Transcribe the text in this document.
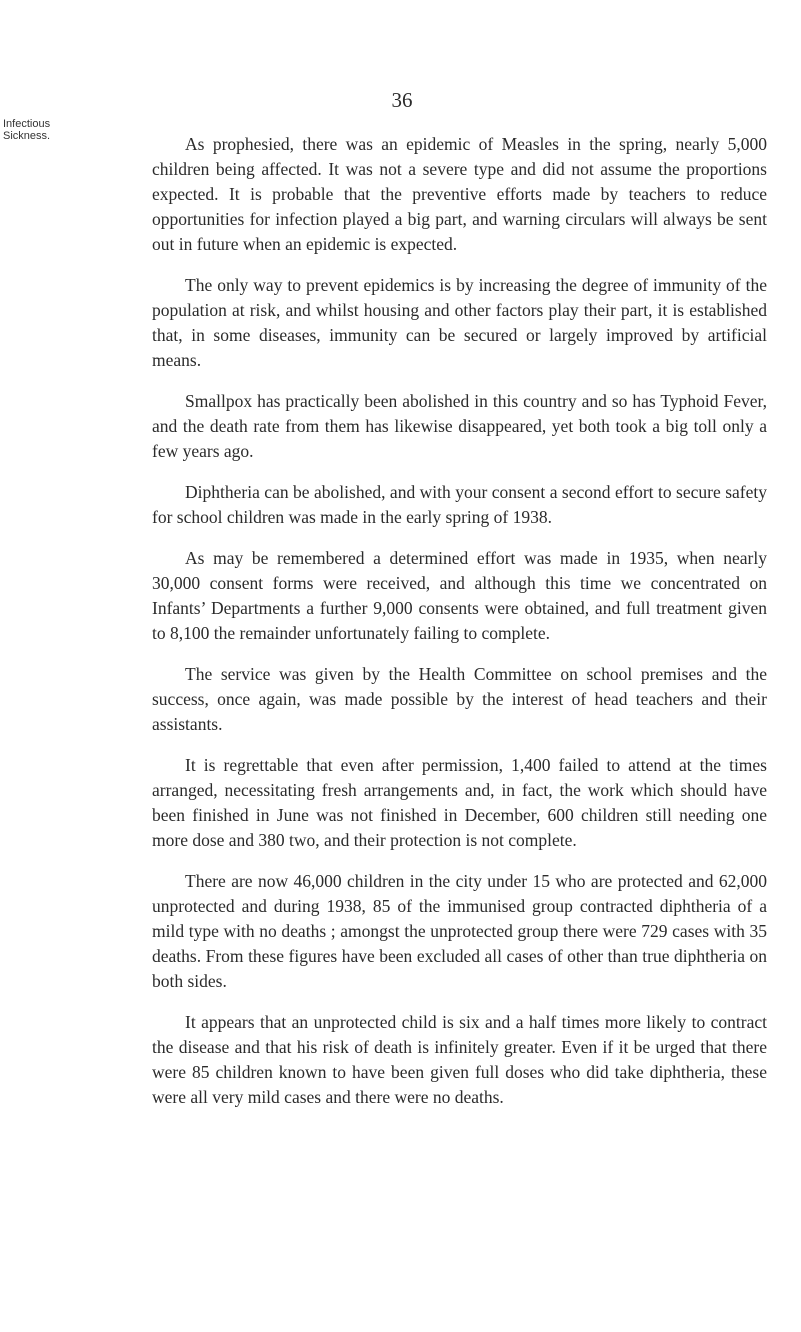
36
Infectious Sickness.	As prophesied, there was an epidemic of Measles in the spring, nearly 5,000 children being affected. It was not a severe type and did not assume the proportions expected. It is probable that the preventive efforts made by teachers to reduce opportunities for infection played a big part, and warning circulars will always be sent out in future when an epidemic is expected.

The only way to prevent epidemics is by increasing the degree of immunity of the population at risk, and whilst housing and other factors play their part, it is established that, in some diseases, immunity can be secured or largely improved by artificial means.

Smallpox has practically been abolished in this country and so has Typhoid Fever, and the death rate from them has likewise disappeared, yet both took a big toll only a few years ago.

Diphtheria can be abolished, and with your consent a second effort to secure safety for school children was made in the early spring of 1938.

As may be remembered a determined effort was made in 1935, when nearly 30,000 consent forms were received, and although this time we concentrated on Infants’ Departments a further 9,000 consents were obtained, and full treatment given to 8,100 the remainder unfortunately failing to complete.

The service was given by the Health Committee on school premises and the success, once again, was made possible by the interest of head teachers and their assistants.

It is regrettable that even after permission, 1,400 failed to attend at the times arranged, necessitating fresh arrangements and, in fact, the work which should have been finished in June was not finished in December, 600 children still needing one more dose and 380 two, and their protection is not complete.

There are now 46,000 children in the city under 15 who are protected and 62,000 unprotected and during 1938, 85 of the immunised group contracted diphtheria of a mild type with no deaths ; amongst the unprotected group there were 729 cases with 35 deaths. From these figures have been excluded all cases of other than true diphtheria on both sides.

It appears that an unprotected child is six and a half times more likely to contract the disease and that his risk of death is infinitely greater. Even if it be urged that there were 85 children known to have been given full doses who did take diphtheria, these were all very mild cases and there were no deaths.
